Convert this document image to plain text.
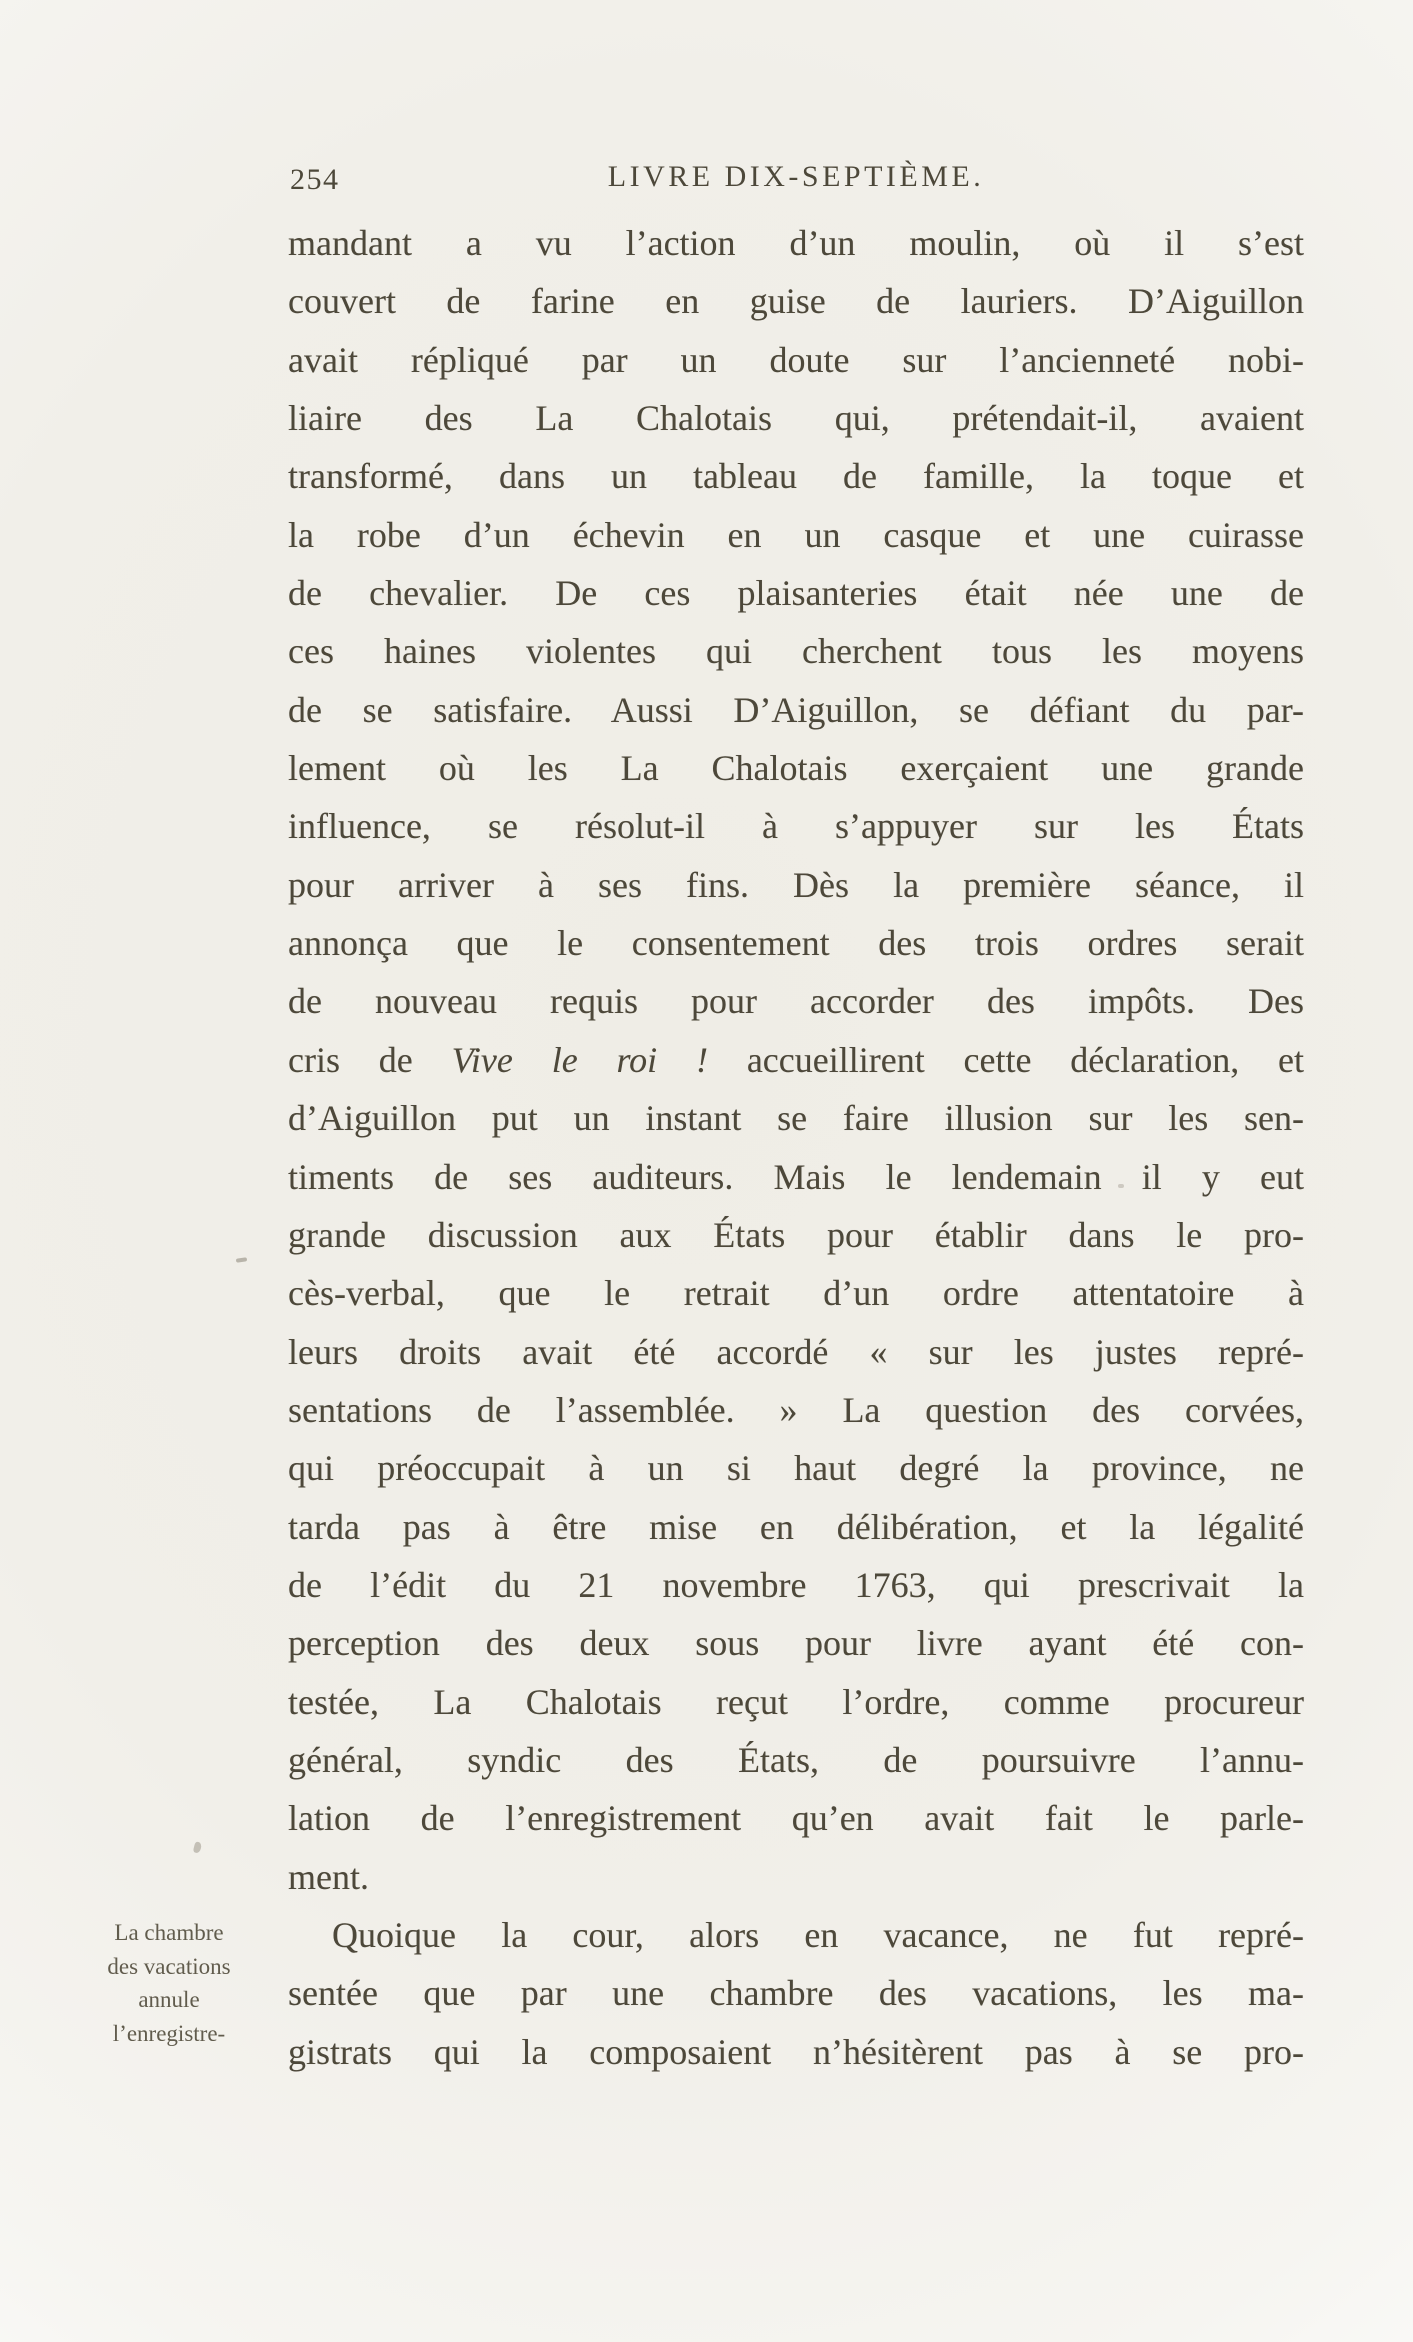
254	LIVRE DIX-SEPTIÈME.
La chambre
des vacations
annule
l’enregistre-
mandant a vu l’action d’un moulin, où il s’est
couvert de farine en guise de lauriers. D’Aiguillon
avait répliqué par un doute sur l’ancienneté nobi-
liaire des La Chalotais qui, prétendait-il, avaient
transformé, dans un tableau de famille, la toque et
la robe d’un échevin en un casque et une cuirasse
de chevalier. De ces plaisanteries était née une de
ces haines violentes qui cherchent tous les moyens
de se satisfaire. Aussi D’Aiguillon, se défiant du par-
lement où les La Chalotais exerçaient une grande
influence, se résolut-il à s’appuyer sur les États
pour arriver à ses fins. Dès la première séance, il
annonça que le consentement des trois ordres serait
de nouveau requis pour accorder des impôts. Des
cris de Vive le roi ! accueillirent cette déclaration, et
d’Aiguillon put un instant se faire illusion sur les sen-
timents de ses auditeurs. Mais le lendemain il y eut
grande discussion aux États pour établir dans le pro-
cès-verbal, que le retrait d’un ordre attentatoire à
leurs droits avait été accordé « sur les justes repré-
sentations de l’assemblée. » La question des corvées,
qui préoccupait à un si haut degré la province, ne
tarda pas à être mise en délibération, et la légalité
de l’édit du 21 novembre 1763, qui prescrivait la
perception des deux sous pour livre ayant été con-
testée, La Chalotais reçut l’ordre, comme procureur
général, syndic des États, de poursuivre l’annu-
lation de l’enregistrement qu’en avait fait le parle-
ment.
Quoique la cour, alors en vacance, ne fut repré-
sentée que par une chambre des vacations, les ma-
gistrats qui la composaient n’hésitèrent pas à se pro-
